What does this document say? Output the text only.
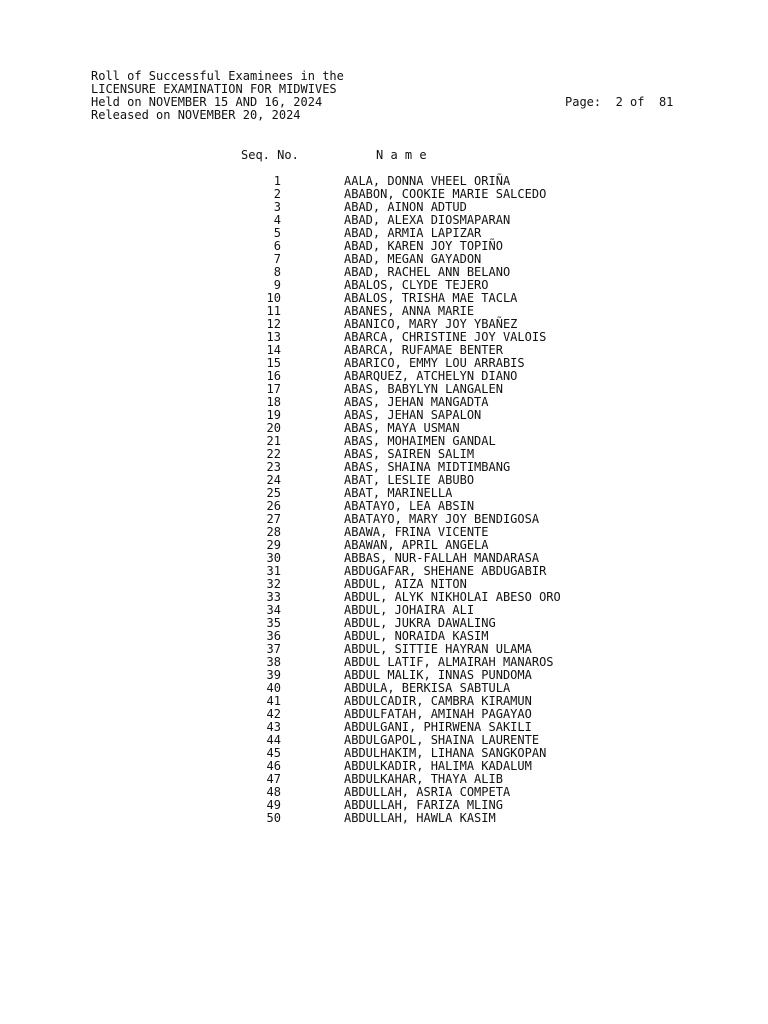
Roll of Successful Examinees in the
LICENSURE EXAMINATION FOR MIDWIVES
Held on NOVEMBER 15 AND 16, 2024
Released on NOVEMBER 20, 2024
Page: 2 of 81
Seq. No.	N a m e
1	AALA, DONNA VHEEL ORIÑA
2	ABABON, COOKIE MARIE SALCEDO
3	ABAD, AINON ADTUD
4	ABAD, ALEXA DIOSMAPARAN
5	ABAD, ARMIA LAPIZAR
6	ABAD, KAREN JOY TOPIÑO
7	ABAD, MEGAN GAYADON
8	ABAD, RACHEL ANN BELANO
9	ABALOS, CLYDE TEJERO
10	ABALOS, TRISHA MAE TACLA
11	ABANES, ANNA MARIE
12	ABANICO, MARY JOY YBAÑEZ
13	ABARCA, CHRISTINE JOY VALOIS
14	ABARCA, RUFAMAE BENTER
15	ABARICO, EMMY LOU ARRABIS
16	ABARQUEZ, ATCHELYN DIANO
17	ABAS, BABYLYN LANGALEN
18	ABAS, JEHAN MANGADTA
19	ABAS, JEHAN SAPALON
20	ABAS, MAYA USMAN
21	ABAS, MOHAIMEN GANDAL
22	ABAS, SAIREN SALIM
23	ABAS, SHAINA MIDTIMBANG
24	ABAT, LESLIE ABUBO
25	ABAT, MARINELLA
26	ABATAYO, LEA ABSIN
27	ABATAYO, MARY JOY BENDIGOSA
28	ABAWA, FRINA VICENTE
29	ABAWAN, APRIL ANGELA
30	ABBAS, NUR-FALLAH MANDARASA
31	ABDUGAFAR, SHEHANE ABDUGABIR
32	ABDUL, AIZA NITON
33	ABDUL, ALYK NIKHOLAI ABESO ORO
34	ABDUL, JOHAIRA ALI
35	ABDUL, JUKRA DAWALING
36	ABDUL, NORAIDA KASIM
37	ABDUL, SITTIE HAYRAN ULAMA
38	ABDUL LATIF, ALMAIRAH MANAROS
39	ABDUL MALIK, INNAS PUNDOMA
40	ABDULA, BERKISA SABTULA
41	ABDULCADIR, CAMBRA KIRAMUN
42	ABDULFATAH, AMINAH PAGAYAO
43	ABDULGANI, PHIRWENA SAKILI
44	ABDULGAPOL, SHAINA LAURENTE
45	ABDULHAKIM, LIHANA SANGKOPAN
46	ABDULKADIR, HALIMA KADALUM
47	ABDULKAHAR, THAYA ALIB
48	ABDULLAH, ASRIA COMPETA
49	ABDULLAH, FARIZA MLING
50	ABDULLAH, HAWLA KASIM
